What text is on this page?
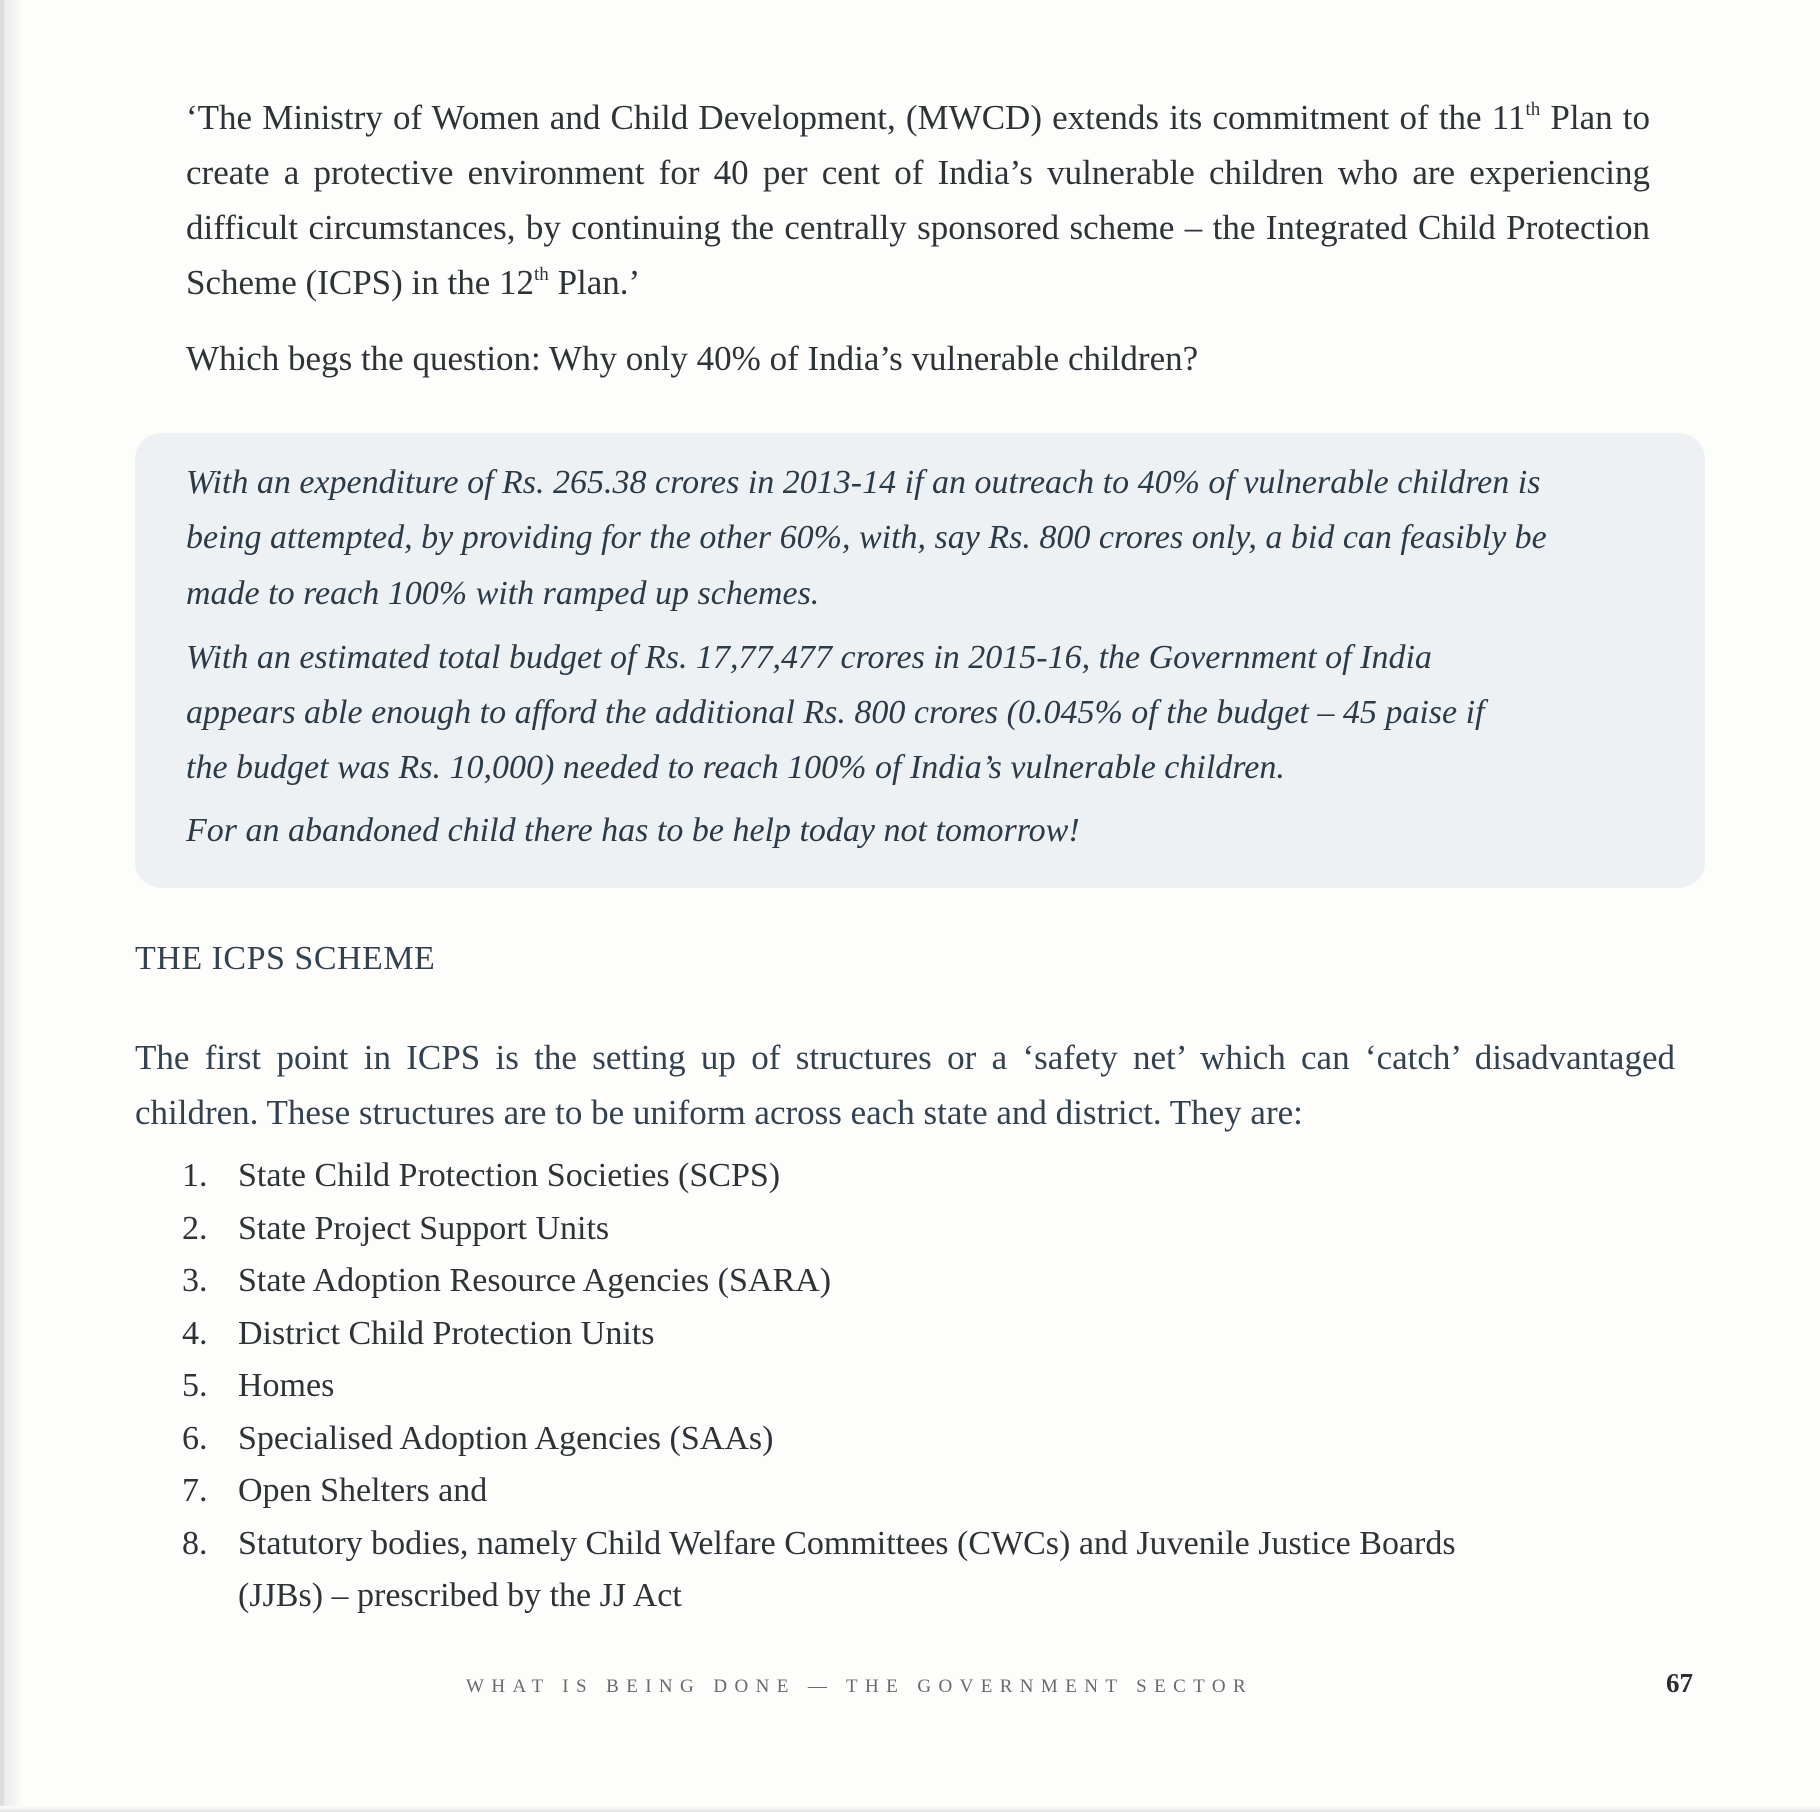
‘The Ministry of Women and Child Development, (MWCD) extends its commitment of the 11th Plan to create a protective environment for 40 per cent of India’s vulnerable children who are experiencing difficult circumstances, by continuing the centrally sponsored scheme – the Integrated Child Protection Scheme (ICPS) in the 12th Plan.’

Which begs the question: Why only 40% of India’s vulnerable children?

With an expenditure of Rs. 265.38 crores in 2013-14 if an outreach to 40% of vulnerable children is

being attempted, by providing for the other 60%, with, say Rs. 800 crores only, a bid can feasibly be

made to reach 100% with ramped up schemes.

With an estimated total budget of Rs. 17,77,477 crores in 2015-16, the Government of India

appears able enough to afford the additional Rs. 800 crores (0.045% of the budget – 45 paise if

the budget was Rs. 10,000) needed to reach 100% of India’s vulnerable children.

For an abandoned child there has to be help today not tomorrow!

THE ICPS SCHEME

The first point in ICPS is the setting up of structures or a ‘safety net’ which can ‘catch’ disadvantaged children. These structures are to be uniform across each state and district. They are:

1. State Child Protection Societies (SCPS)
2. State Project Support Units
3. State Adoption Resource Agencies (SARA)
4. District Child Protection Units
5. Homes
6. Specialised Adoption Agencies (SAAs)
7. Open Shelters and
8. Statutory bodies, namely Child Welfare Committees (CWCs) and Juvenile Justice Boards (JJBs) – prescribed by the JJ Act
WHAT IS BEING DONE — THE GOVERNMENT SECTOR	67
